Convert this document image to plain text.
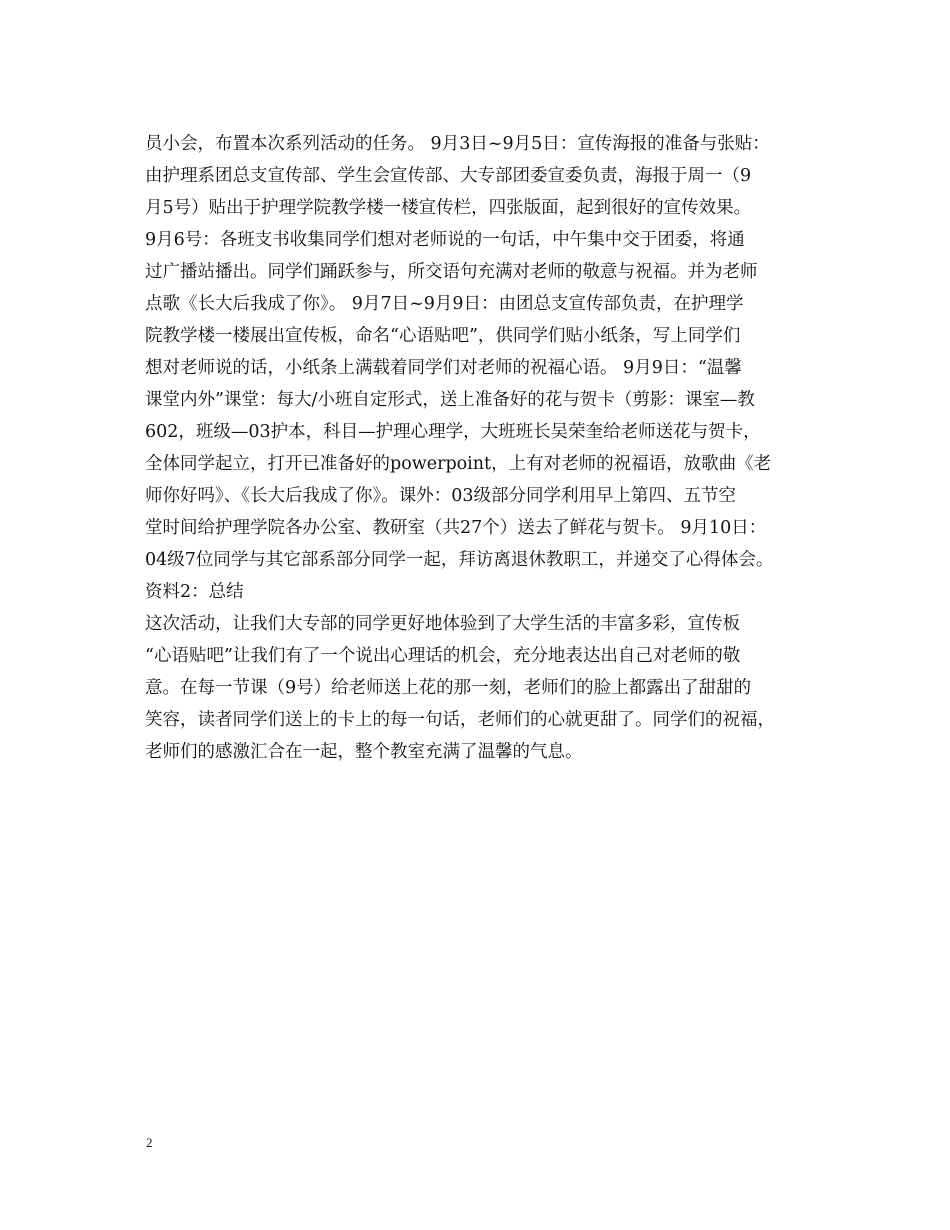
员小会，布置本次系列活动的任务。 9月3日~9月5日：宣传海报的准备与张贴：
由护理系团总支宣传部、学生会宣传部、大专部团委宣委负责，海报于周一（9
月5号）贴出于护理学院教学楼一楼宣传栏，四张版面，起到很好的宣传效果。
9月6号：各班支书收集同学们想对老师说的一句话，中午集中交于团委，将通
过广播站播出。同学们踊跃参与，所交语句充满对老师的敬意与祝福。并为老师
点歌《长大后我成了你》。 9月7日~9月9日：由团总支宣传部负责，在护理学
院教学楼一楼展出宣传板，命名“心语贴吧”，供同学们贴小纸条，写上同学们
想对老师说的话，小纸条上满载着同学们对老师的祝福心语。 9月9日：“温馨
课堂内外”课堂：每大/小班自定形式，送上准备好的花与贺卡（剪影：课室—教
602，班级—03护本，科目—护理心理学，大班班长吴荣奎给老师送花与贺卡，
全体同学起立，打开已准备好的powerpoint，上有对老师的祝福语，放歌曲《老
师你好吗》、《长大后我成了你》。课外：03级部分同学利用早上第四、五节空
堂时间给护理学院各办公室、教研室（共27个）送去了鲜花与贺卡。 9月10日：
04级7位同学与其它部系部分同学一起，拜访离退休教职工，并递交了心得体会。
资料2：总结
这次活动，让我们大专部的同学更好地体验到了大学生活的丰富多彩，宣传板
“心语贴吧”让我们有了一个说出心理话的机会，充分地表达出自己对老师的敬
意。在每一节课（9号）给老师送上花的那一刻，老师们的脸上都露出了甜甜的
笑容，读者同学们送上的卡上的每一句话，老师们的心就更甜了。同学们的祝福，
老师们的感激汇合在一起，整个教室充满了温馨的气息。
2
